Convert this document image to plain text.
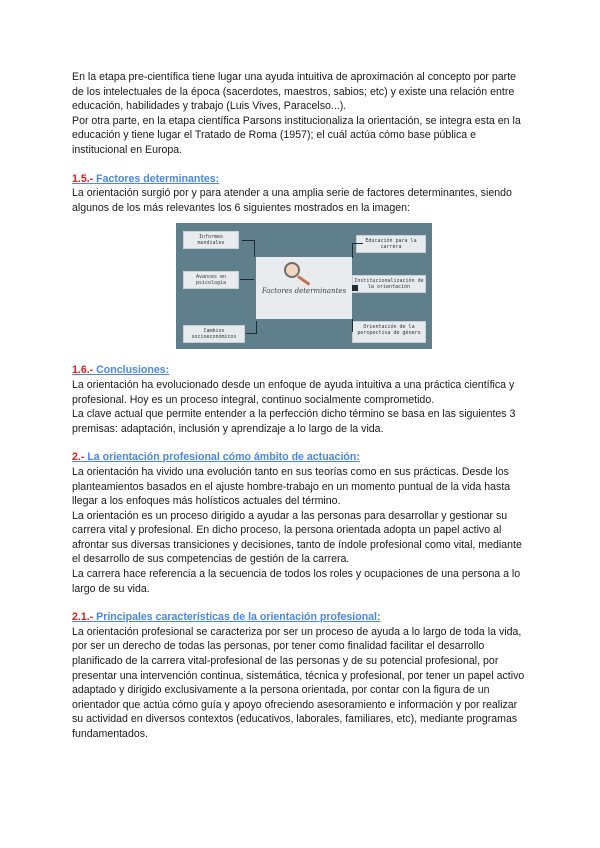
En la etapa pre-científica tiene lugar una ayuda intuitiva de aproximación al concepto por parte de los intelectuales de la época (sacerdotes, maestros, sabios; etc) y existe una relación entre educación, habilidades y trabajo (Luis Vives, Paracelso...).

Por otra parte, en la etapa científica Parsons institucionaliza la orientación, se integra esta en la educación y tiene lugar el Tratado de Roma (1957); el cuál actúa cómo base pública e institucional en Europa.

1.5.- Factores determinantes:

La orientación surgió por y para atender a una amplia serie de factores determinantes, siendo algunos de los más relevantes los 6 siguientes mostrados en la imagen:

Informes mundiales
Avances en psicología
Cambios socioeconómicos
Educación para la carrera
Institucionalización de la orientación
Orientación de la perspectiva de género
Factores determinantes
1.6.- Conclusiones:

La orientación ha evolucionado desde un enfoque de ayuda intuitiva a una práctica científica y profesional. Hoy es un proceso integral, continuo socialmente comprometido.

La clave actual que permite entender a la perfección dicho término se basa en las siguientes 3 premisas: adaptación, inclusión y aprendizaje a lo largo de la vida.

2.- La orientación profesional cómo ámbito de actuación:

La orientación ha vivido una evolución tanto en sus teorías como en sus prácticas. Desde los planteamientos basados en el ajuste hombre-trabajo en un momento puntual de la vida hasta llegar a los enfoques más holísticos actuales del término.

La orientación es un proceso dirigido a ayudar a las personas para desarrollar y gestionar su carrera vital y profesional. En dicho proceso, la persona orientada adopta un papel activo al afrontar sus diversas transiciones y decisiones, tanto de índole profesional como vital, mediante el desarrollo de sus competencias de gestión de la carrera.

La carrera hace referencia a la secuencia de todos los roles y ocupaciones de una persona a lo largo de su vida.

2.1.- Principales características de la orientación profesional:

La orientación profesional se caracteriza por ser un proceso de ayuda a lo largo de toda la vida, por ser un derecho de todas las personas, por tener como finalidad facilitar el desarrollo planificado de la carrera vital-profesional de las personas y de su potencial profesional, por presentar una intervención continua, sistemática, técnica y profesional, por tener un papel activo adaptado y dirigido exclusivamente a la persona orientada, por contar con la figura de un orientador que actúa cómo guía y apoyo ofreciendo asesoramiento e información y por realizar su actividad en diversos contextos (educativos, laborales, familiares, etc), mediante programas fundamentados.
